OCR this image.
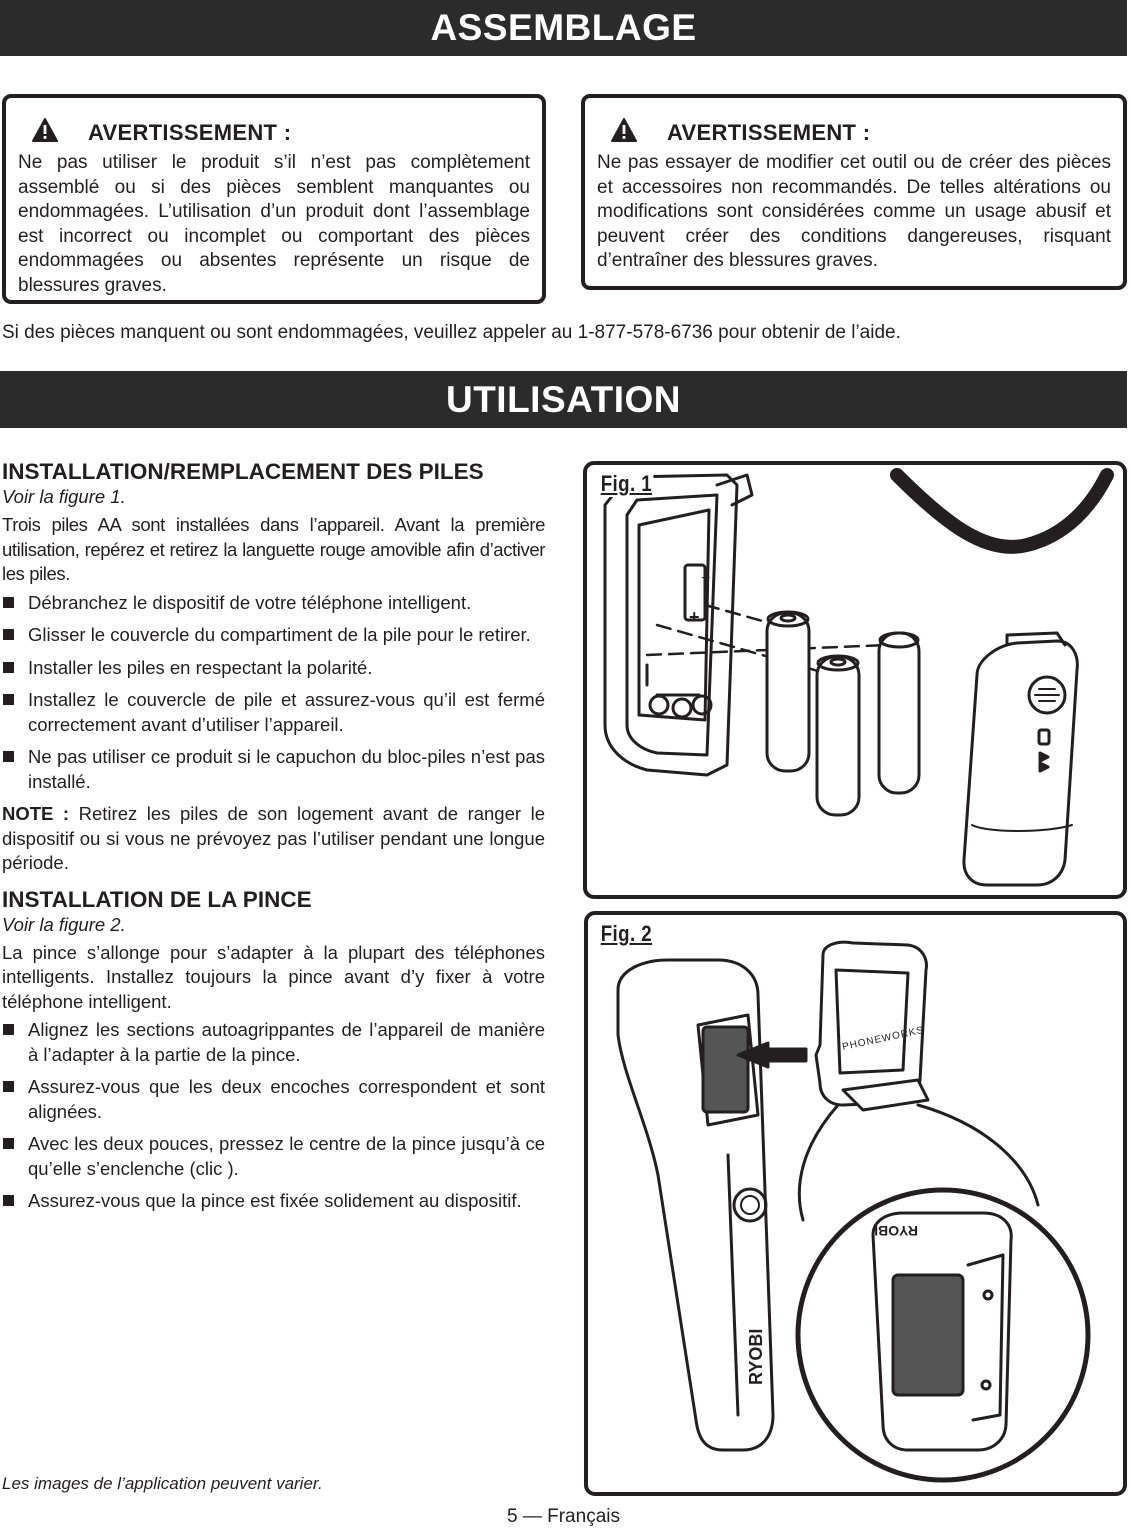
ASSEMBLAGE
AVERTISSEMENT :
Ne pas utiliser le produit s’il n’est pas complètement assemblé ou si des pièces semblent manquantes ou endommagées. L’utilisation d’un produit dont l’assemblage est incorrect ou incomplet ou comportant des pièces endommagées ou absentes représente un risque de blessures graves.
AVERTISSEMENT :
Ne pas essayer de modifier cet outil ou de créer des pièces et accessoires non recommandés. De telles altérations ou modifications sont considérées comme un usage abusif et peuvent créer des conditions dangereuses, risquant d’entraîner des blessures graves.
Si des pièces manquent ou sont endommagées, veuillez appeler au 1-877-578-6736 pour obtenir de l’aide.
UTILISATION
INSTALLATION/REMPLACEMENT DES PILES
Voir la figure 1.
Trois piles AA sont installées dans l’appareil. Avant la première utilisation, repérez et retirez la languette rouge amovible afin d’activer les piles.
Débranchez le dispositif de votre téléphone intelligent.
Glisser le couvercle du compartiment de la pile pour le retirer.
Installer les piles en respectant la polarité.
Installez le couvercle de pile et assurez-vous qu’il est fermé correctement avant d’utiliser l’appareil.
Ne pas utiliser ce produit si le capuchon du bloc-piles n’est pas installé.
NOTE : Retirez les piles de son logement avant de ranger le dispositif ou si vous ne prévoyez pas l’utiliser pendant une longue période.
INSTALLATION DE LA PINCE
Voir la figure 2.
La pince s’allonge pour s’adapter à la plupart des téléphones intelligents. Installez toujours la pince avant d’y fixer à votre téléphone intelligent.
Alignez les sections autoagrippantes de l’appareil de manière à l’adapter à la partie de la pince.
Assurez-vous que les deux encoches correspondent et sont alignées.
Avec les deux pouces, pressez le centre de la pince jusqu’à ce qu’elle s’enclenche (clic ).
Assurez-vous que la pince est fixée solidement au dispositif.
−
+
Fig. 1
RYOBI
PHONEWORKS
RYOBI
Fig. 2
Les images de l’application peuvent varier.
5 — Français
